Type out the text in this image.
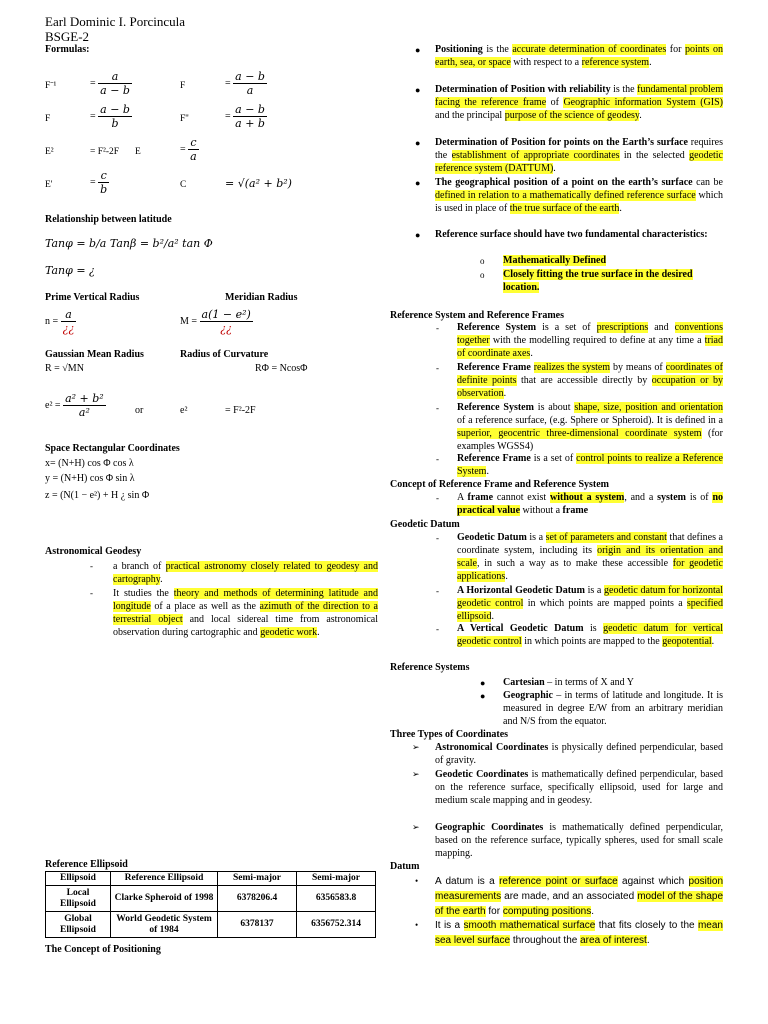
Earl Dominic I. Porcincula
BSGE-2
Formulas:
Fˉ¹	= $\frac{a}{a - b}$	F	= $\frac{a - b}{a}$
F	= $\frac{a - b}{b}$	F''	= $\frac{a - b}{a + b}$
E²	= F²-2F E	= $\frac{c}{a}$
E'	= $\frac{c}{b}$	C	= √(a² + b²)
Relationship between latitude
Tanφ = b/a Tanβ = b²/a² tan Φ
Tanφ = ¿
Prime Vertical Radius	Meridian Radius
$n = \frac{a}{¿¿}$	$M = \frac{\text{a(1 − e²)}}{¿¿}$
Gaussian Mean Radius	Radius of Curvature
R = √MN	RΦ = NcosΦ
$e^2 = \frac{\text{a² + b²}}{\text{a²}}$	or	e²	= F²-2F
Space Rectangular Coordinates
x= (N+H) cos Φ cos λ
y = (N+H) cos Φ sin λ
z = (N(1 − e²) + H ¿ sin Φ
Astronomical Geodesy
- a branch of practical astronomy closely related to geodesy and cartography.
- It studies the theory and methods of determining latitude and longitude of a place as well as the azimuth of the direction to a terrestrial object and local sidereal time from astronomical observation during cartographic and geodetic work.
Reference Ellipsoid
Ellipsoid	Reference Ellipsoid	Semi-major	Semi-major
Local Ellipsoid	Clarke Spheroid of 1998	6378206.4	6356583.8
Global Ellipsoid	World Geodetic System of 1984	6378137	6356752.314
The Concept of Positioning
● Positioning is the accurate determination of coordinates for points on earth, sea, or space with respect to a reference system.
● Determination of Position with reliability is the fundamental problem facing the reference frame of Geographic information System (GIS) and the principal purpose of the science of geodesy.
● Determination of Position for points on the Earth’s surface requires the establishment of appropriate coordinates in the selected geodetic reference system (DATTUM).
● The geographical position of a point on the earth’s surface can be defined in relation to a mathematically defined reference surface which is used in place of the true surface of the earth.
● Reference surface should have two fundamental characteristics:
o Mathematically Defined
o Closely fitting the true surface in the desired location.
Reference System and Reference Frames
- Reference System is a set of prescriptions and conventions together with the modelling required to define at any time a triad of coordinate axes.
- Reference Frame realizes the system by means of coordinates of definite points that are accessible directly by occupation or by observation.
- Reference System is about shape, size, position and orientation of a reference surface, (e.g. Sphere or Spheroid). It is defined in a superior, geocentric three-dimensional coordinate system (for examples WGSS4)
- Reference Frame is a set of control points to realize a Reference System.
Concept of Reference Frame and Reference System
- A frame cannot exist without a system, and a system is of no practical value without a frame
Geodetic Datum
- Geodetic Datum is a set of parameters and constant that defines a coordinate system, including its origin and its orientation and scale, in such a way as to make these accessible for geodetic applications.
- A Horizontal Geodetic Datum is a geodetic datum for horizontal geodetic control in which points are mapped points a specified ellipsoid.
- A Vertical Geodetic Datum is geodetic datum for vertical geodetic control in which points are mapped to the geopotential.
Reference Systems
● Cartesian – in terms of X and Y
● Geographic – in terms of latitude and longitude. It is measured in degree E/W from an arbitrary meridian and N/S from the equator.
Three Types of Coordinates
➢ Astronomical Coordinates is physically defined perpendicular, based of gravity.
➢ Geodetic Coordinates is mathematically defined perpendicular, based on the reference surface, specifically ellipsoid, used for large and medium scale mapping and in geodesy.
➢ Geographic Coordinates is mathematically defined perpendicular, based on the reference surface, typically spheres, used for small scale mapping.
Datum
• A datum is a reference point or surface against which position measurements are made, and an associated model of the shape of the earth for computing positions.
• It is a smooth mathematical surface that fits closely to the mean sea level surface throughout the area of interest.
